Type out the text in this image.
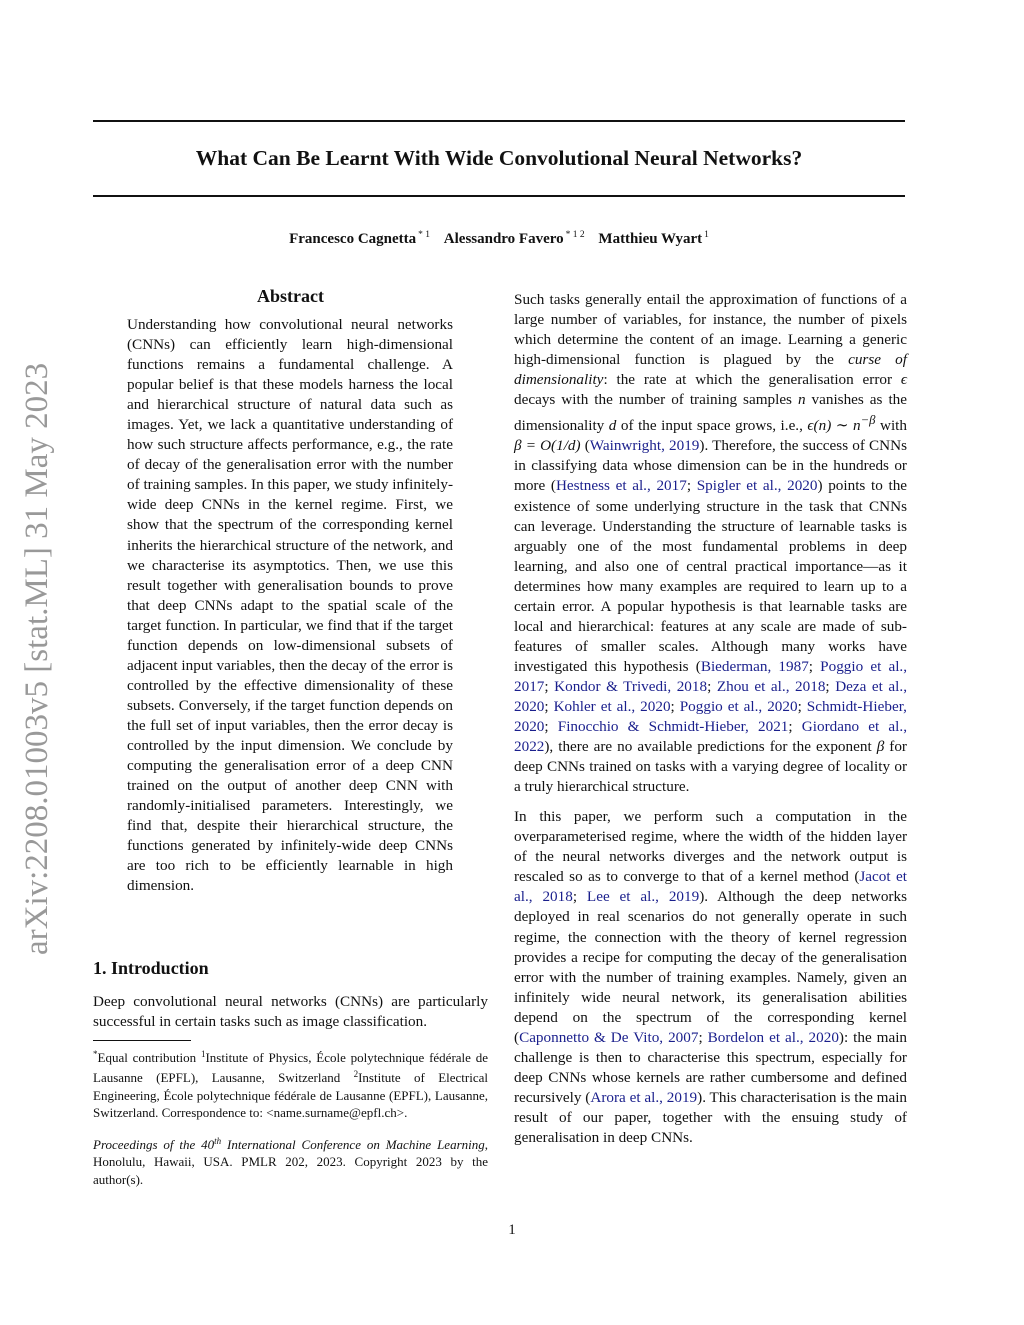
arXiv:2208.01003v5 [stat.ML] 31 May 2023
What Can Be Learnt With Wide Convolutional Neural Networks?
Francesco Cagnetta $^{* 1}$ Alessandro Favero $^{* 1 2}$ Matthieu Wyart $^1$
Abstract

Understanding how convolutional neural networks (CNNs) can efficiently learn high-dimensional functions remains a fundamental challenge. A popular belief is that these models harness the local and hierarchical structure of natural data such as images. Yet, we lack a quantitative understanding of how such structure affects performance, e.g., the rate of decay of the generalisation error with the number of training samples. In this paper, we study infinitely-wide deep CNNs in the kernel regime. First, we show that the spectrum of the corresponding kernel inherits the hierarchical structure of the network, and we characterise its asymptotics. Then, we use this result together with generalisation bounds to prove that deep CNNs adapt to the spatial scale of the target function. In particular, we find that if the target function depends on low-dimensional subsets of adjacent input variables, then the decay of the error is controlled by the effective dimensionality of these subsets. Conversely, if the target function depends on the full set of input variables, then the error decay is controlled by the input dimension. We conclude by computing the generalisation error of a deep CNN trained on the output of another deep CNN with randomly-initialised parameters. Interestingly, we find that, despite their hierarchical structure, the functions generated by infinitely-wide deep CNNs are too rich to be efficiently learnable in high dimension.

1. Introduction

Deep convolutional neural networks (CNNs) are particularly successful in certain tasks such as image classification.

*Equal contribution $^1$Institute of Physics, École polytechnique fédérale de Lausanne (EPFL), Lausanne, Switzerland $^2$Institute of Electrical Engineering, École polytechnique fédérale de Lausanne (EPFL), Lausanne, Switzerland. Correspondence to: <name.surname@epfl.ch>.

Proceedings of the 40th International Conference on Machine Learning, Honolulu, Hawaii, USA. PMLR 202, 2023. Copyright 2023 by the author(s).

Such tasks generally entail the approximation of functions of a large number of variables, for instance, the number of pixels which determine the content of an image. Learning a generic high-dimensional function is plagued by the curse of dimensionality: the rate at which the generalisation error ϵ decays with the number of training samples n vanishes as the dimensionality d of the input space grows, i.e., ϵ(n) ∼ $n^{-\beta}$ with β = O(1/d) (Wainwright, 2019). Therefore, the success of CNNs in classifying data whose dimension can be in the hundreds or more (Hestness et al., 2017; Spigler et al., 2020) points to the existence of some underlying structure in the task that CNNs can leverage. Understanding the structure of learnable tasks is arguably one of the most fundamental problems in deep learning, and also one of central practical importance—as it determines how many examples are required to learn up to a certain error. A popular hypothesis is that learnable tasks are local and hierarchical: features at any scale are made of sub-features of smaller scales. Although many works have investigated this hypothesis (Biederman, 1987; Poggio et al., 2017; Kondor & Trivedi, 2018; Zhou et al., 2018; Deza et al., 2020; Kohler et al., 2020; Poggio et al., 2020; Schmidt-Hieber, 2020; Finocchio & Schmidt-Hieber, 2021; Giordano et al., 2022), there are no available predictions for the exponent β for deep CNNs trained on tasks with a varying degree of locality or a truly hierarchical structure.

In this paper, we perform such a computation in the overparameterised regime, where the width of the hidden layer of the neural networks diverges and the network output is rescaled so as to converge to that of a kernel method (Jacot et al., 2018; Lee et al., 2019). Although the deep networks deployed in real scenarios do not generally operate in such regime, the connection with the theory of kernel regression provides a recipe for computing the decay of the generalisation error with the number of training examples. Namely, given an infinitely wide neural network, its generalisation abilities depend on the spectrum of the corresponding kernel (Caponnetto & De Vito, 2007; Bordelon et al., 2020): the main challenge is then to characterise this spectrum, especially for deep CNNs whose kernels are rather cumbersome and defined recursively (Arora et al., 2019). This characterisation is the main result of our paper, together with the ensuing study of generalisation in deep CNNs.

1
